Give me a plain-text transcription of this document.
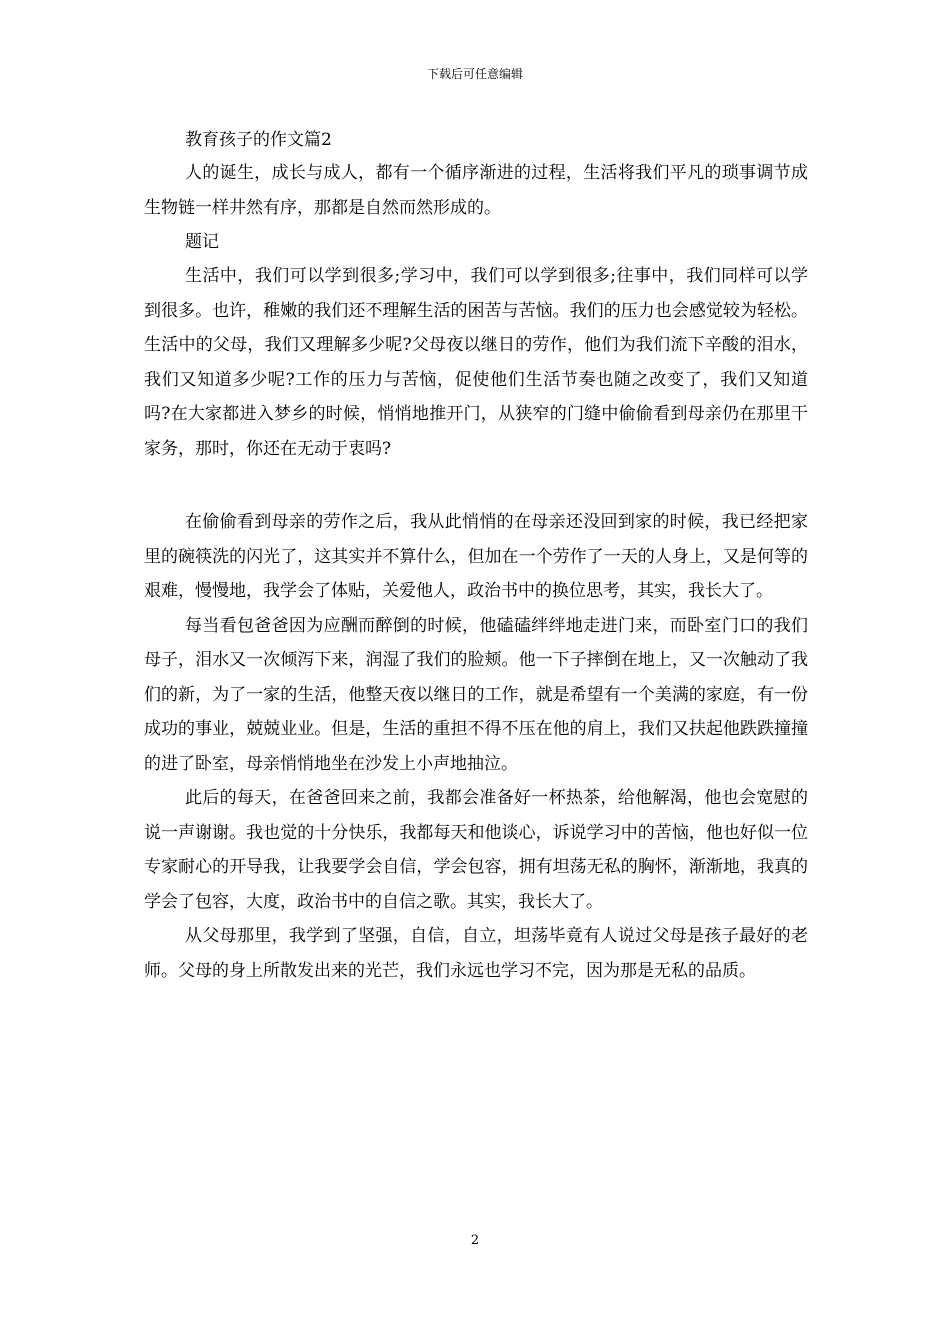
下载后可任意编辑

教育孩子的作文篇2

人的诞生，成长与成人，都有一个循序渐进的过程，生活将我们平凡的琐事调节成生物链一样井然有序，那都是自然而然形成的。

题记

生活中，我们可以学到很多;学习中，我们可以学到很多;往事中，我们同样可以学到很多。也许，稚嫩的我们还不理解生活的困苦与苦恼。我们的压力也会感觉较为轻松。生活中的父母，我们又理解多少呢?父母夜以继日的劳作，他们为我们流下辛酸的泪水，我们又知道多少呢?工作的压力与苦恼，促使他们生活节奏也随之改变了，我们又知道吗?在大家都进入梦乡的时候，悄悄地推开门，从狭窄的门缝中偷偷看到母亲仍在那里干家务，那时，你还在无动于衷吗?

在偷偷看到母亲的劳作之后，我从此悄悄的在母亲还没回到家的时候，我已经把家里的碗筷洗的闪光了，这其实并不算什么，但加在一个劳作了一天的人身上，又是何等的艰难，慢慢地，我学会了体贴，关爱他人，政治书中的换位思考，其实，我长大了。

每当看包爸爸因为应酬而醉倒的时候，他磕磕绊绊地走进门来，而卧室门口的我们母子，泪水又一次倾泻下来，润湿了我们的脸颊。他一下子摔倒在地上，又一次触动了我们的新，为了一家的生活，他整天夜以继日的工作，就是希望有一个美满的家庭，有一份成功的事业，兢兢业业。但是，生活的重担不得不压在他的肩上，我们又扶起他跌跌撞撞的进了卧室，母亲悄悄地坐在沙发上小声地抽泣。

此后的每天，在爸爸回来之前，我都会准备好一杯热茶，给他解渴，他也会宽慰的说一声谢谢。我也觉的十分快乐，我都每天和他谈心，诉说学习中的苦恼，他也好似一位专家耐心的开导我，让我要学会自信，学会包容，拥有坦荡无私的胸怀，渐渐地，我真的学会了包容，大度，政治书中的自信之歌。其实，我长大了。

从父母那里，我学到了坚强，自信，自立，坦荡毕竟有人说过父母是孩子最好的老师。父母的身上所散发出来的光芒，我们永远也学习不完，因为那是无私的品质。

2
